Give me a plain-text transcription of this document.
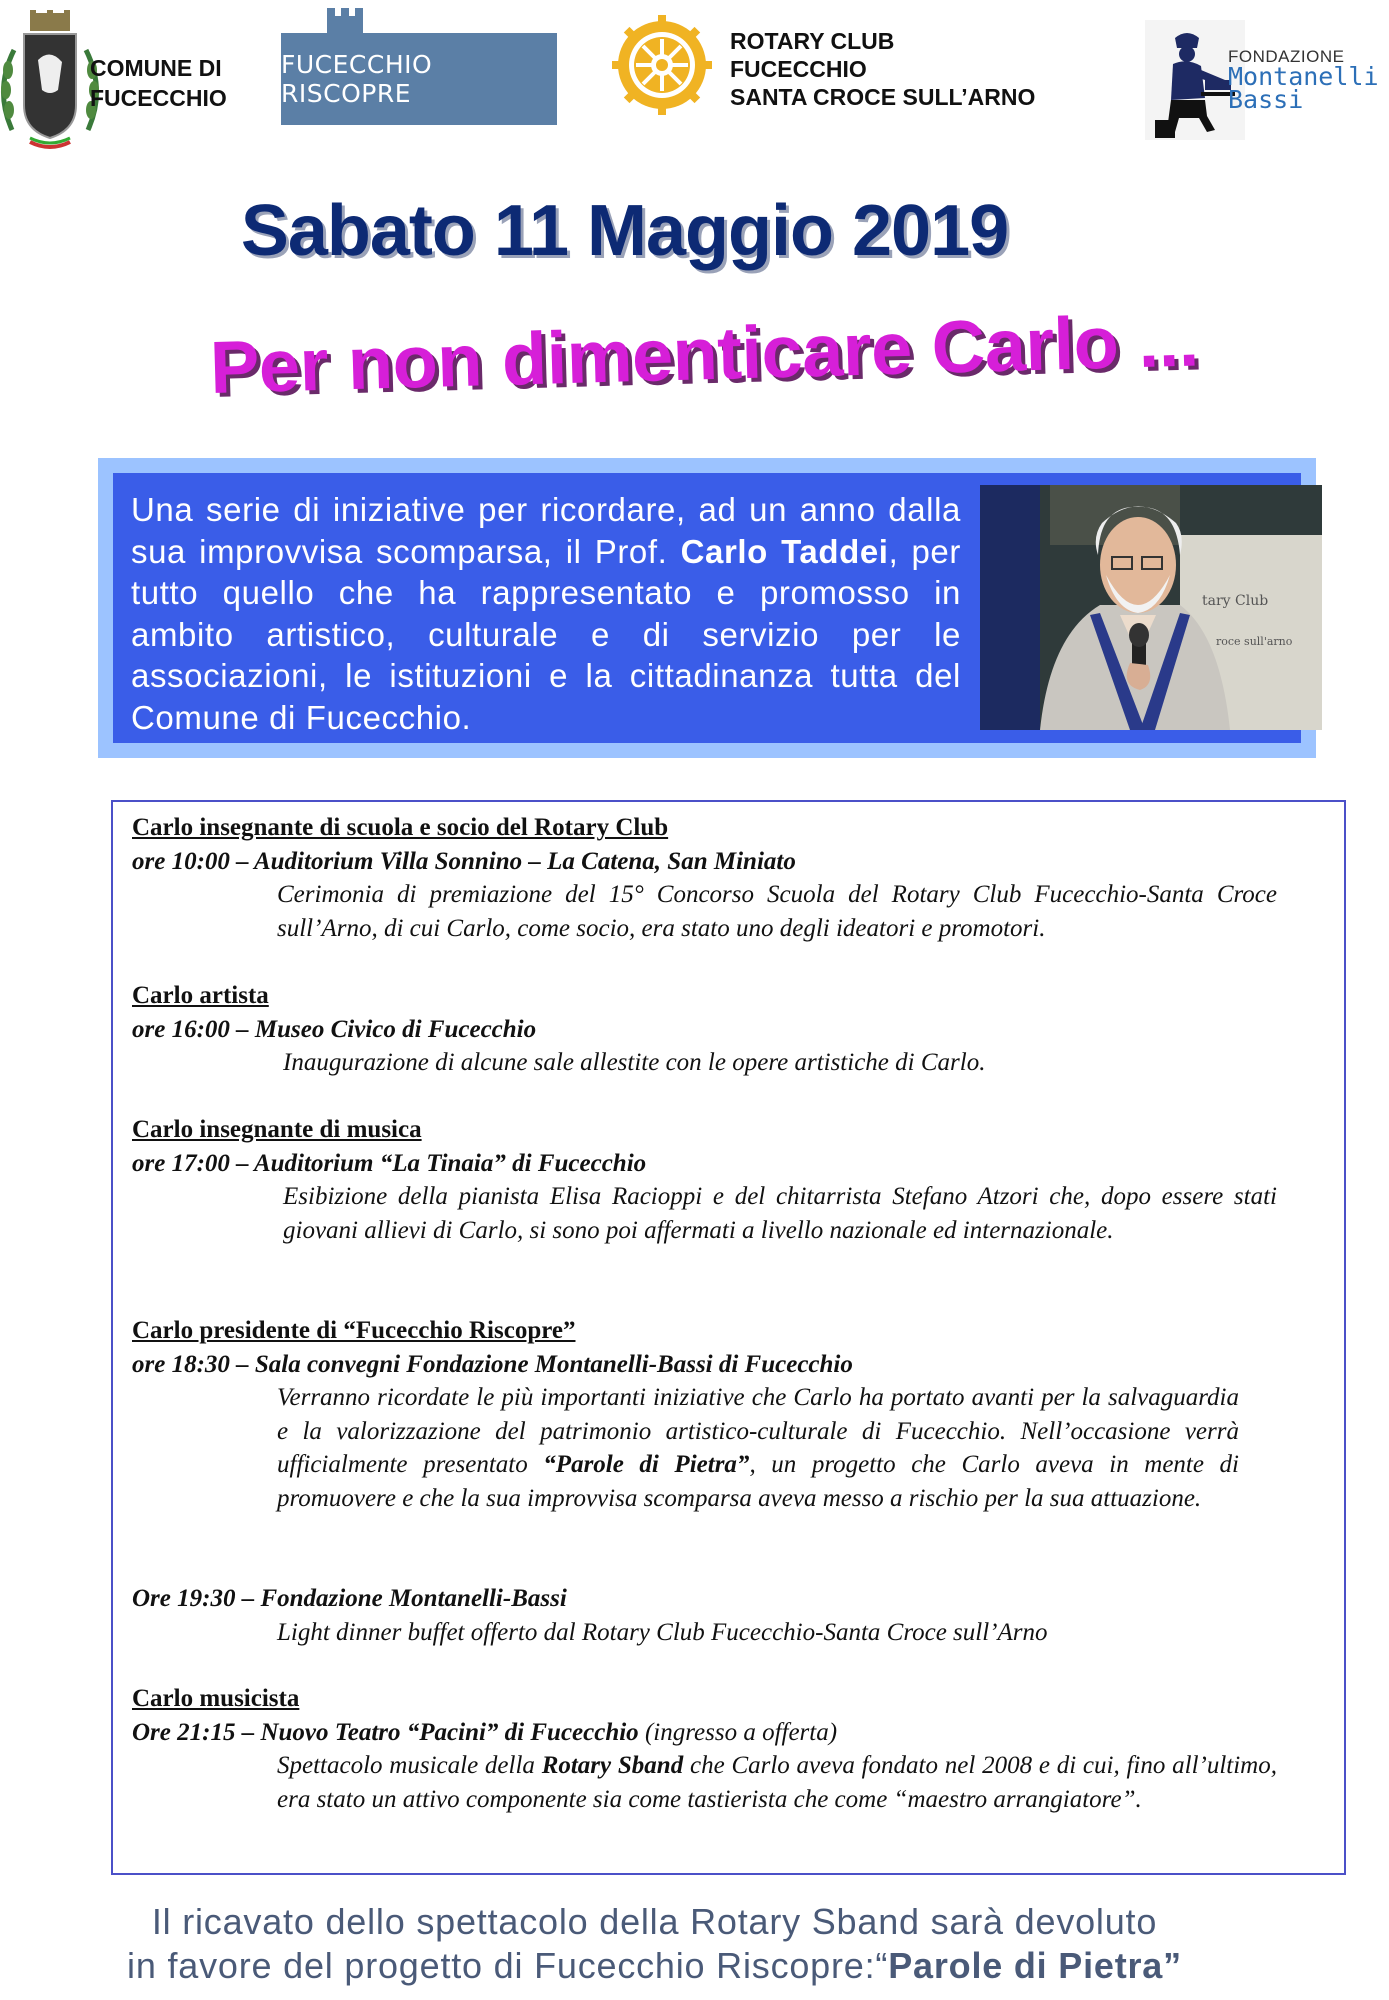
COMUNE DI
FUCECCHIO
FUCECCHIO RISCOPRE
ROTARY CLUB
FUCECCHIO
SANTA CROCE SULL’ARNO
FONDAZIONE
Montanelli
Bassi
Sabato 11 Maggio 2019
Per non dimenticare Carlo ...
Una serie di iniziative per ricordare, ad un anno dalla sua improvvisa scomparsa, il Prof. Carlo Taddei, per tutto quello che ha rappresentato e promosso in ambito artistico, culturale e di servizio per le associazioni, le istituzioni e la cittadinanza tutta del Comune di Fucecchio.
tary Club
roce sull'arno
Carlo insegnante di scuola e socio del Rotary Club
ore 10:00 – Auditorium Villa Sonnino – La Catena, San Miniato
Cerimonia di premiazione del 15° Concorso Scuola del Rotary Club Fucecchio-Santa Croce sull’Arno, di cui Carlo, come socio, era stato uno degli ideatori e promotori.
Carlo artista
ore 16:00 – Museo Civico di Fucecchio
Inaugurazione di alcune sale allestite con le opere artistiche di Carlo.
Carlo insegnante di musica
ore 17:00 – Auditorium “La Tinaia” di Fucecchio
Esibizione della pianista Elisa Racioppi e del chitarrista Stefano Atzori che, dopo essere stati giovani allievi di Carlo, si sono poi affermati a livello nazionale ed internazionale.
Carlo presidente di “Fucecchio Riscopre”
ore 18:30 – Sala convegni Fondazione Montanelli-Bassi di Fucecchio
Verranno ricordate le più importanti iniziative che Carlo ha portato avanti per la salvaguardia e la valorizzazione del patrimonio artistico-culturale di Fucecchio. Nell’occasione verrà ufficialmente presentato “Parole di Pietra”, un progetto che Carlo aveva in mente di promuovere e che la sua improvvisa scomparsa aveva messo a rischio per la sua attuazione.
Ore 19:30 – Fondazione Montanelli-Bassi
Light dinner buffet offerto dal Rotary Club Fucecchio-Santa Croce sull’Arno
Carlo musicista
Ore 21:15 – Nuovo Teatro “Pacini” di Fucecchio (ingresso a offerta)
Spettacolo musicale della Rotary Sband che Carlo aveva fondato nel 2008 e di cui, fino all’ultimo, era stato un attivo componente sia come tastierista che come “maestro arrangiatore”.
Il ricavato dello spettacolo della Rotary Sband sarà devoluto
in favore del progetto di Fucecchio Riscopre:“Parole di Pietra”
